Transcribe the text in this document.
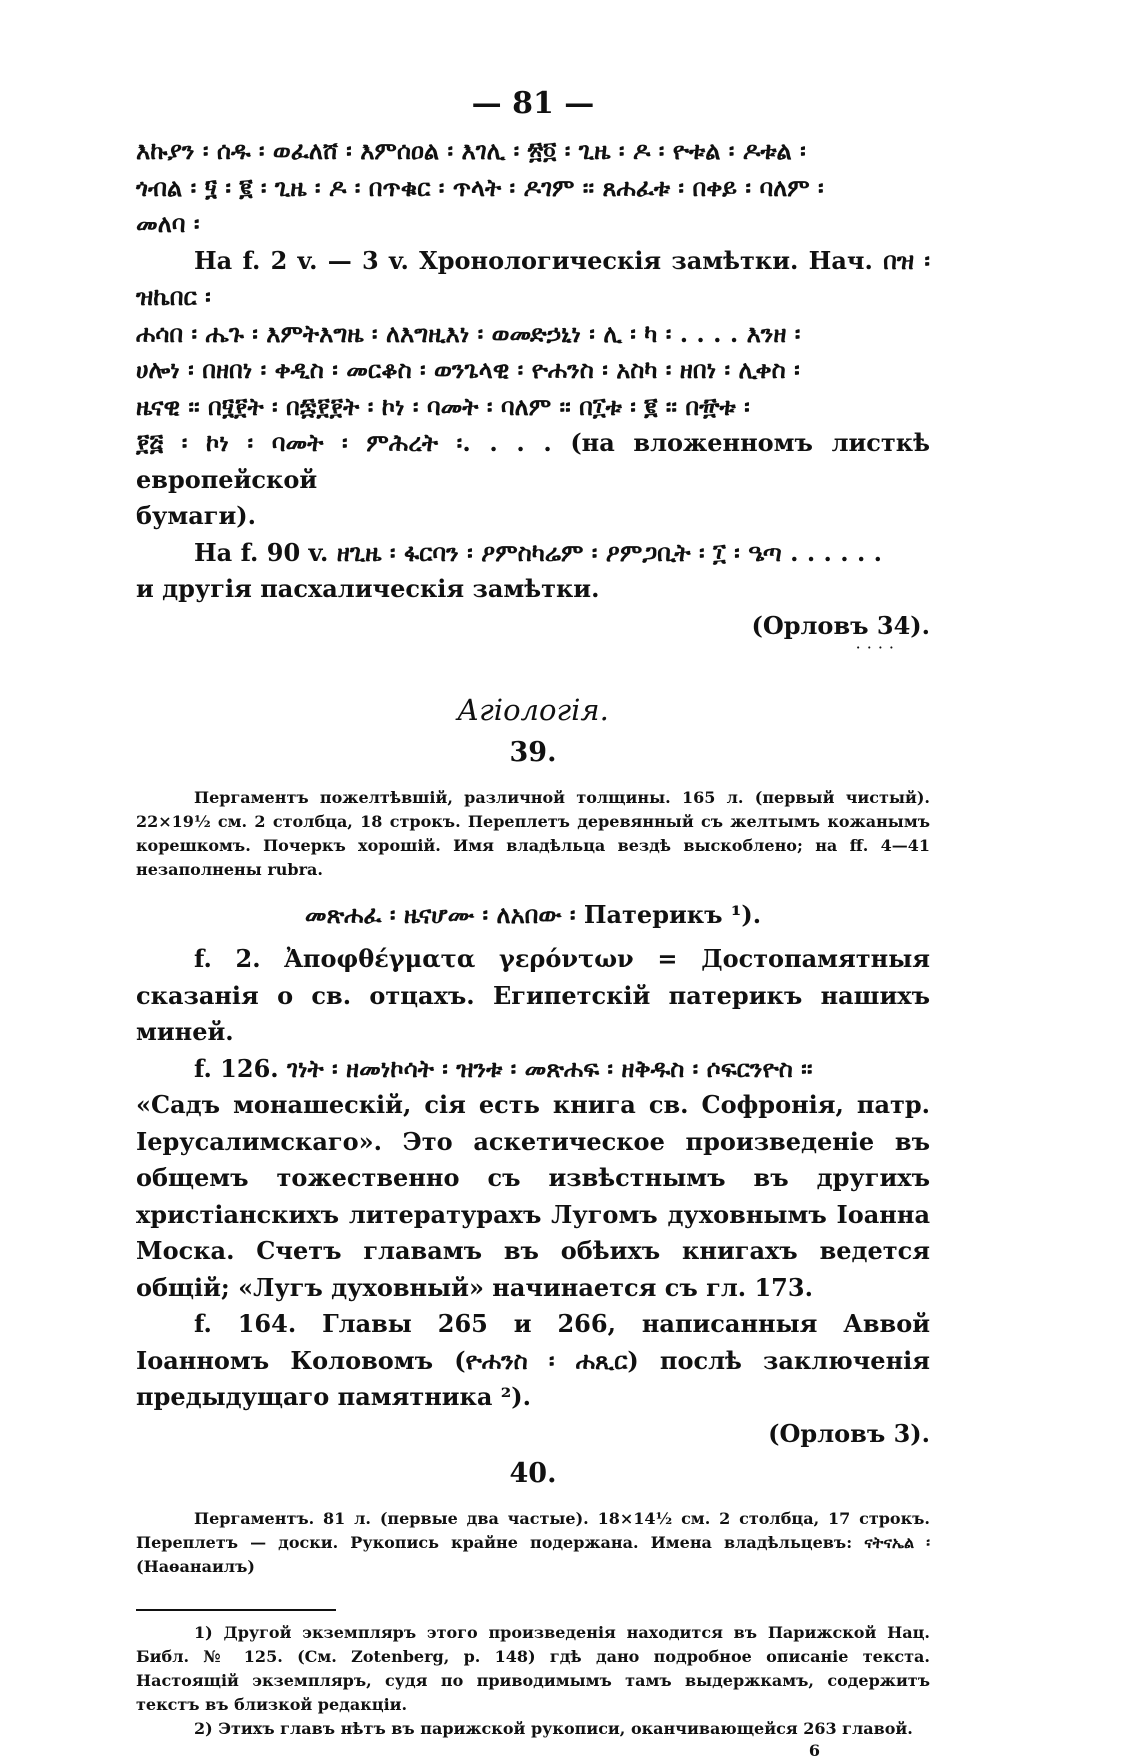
— 81 —
እኩያን ፡ ሰዱ ፡ ወፈለሸ ፡ እምሰዐል ፡ እገሊ ፡ ፳፬ ፡ ጊዜ ፡ ዶ ፡ ዮቱል ፡ ዶቱል ፡
ጎብል ፡ ፶ ፡ ፪ ፡ ጊዜ ፡ ዶ ፡ በጥቁር ፡ ጥላት ፡ ዶገም ፡፡ ጸሐፈቱ ፡ በቀይ ፡ ባለም ፡
መለባ ፡
На f. 2 v. — 3 v. Хронологическія замѣтки. Нач. በዝ ፡ ዝኬበር ፡
ሐሳበ ፡ ሔጉ ፡ እምትእግዜ ፡ ለእግዚእነ ፡ ወመድኃኒነ ፡ ሊ ፡ ካ ፡ . . . . እንዘ ፡
ሀሎነ ፡ በዘበነ ፡ ቀዲስ ፡ መርቆስ ፡ ወንጌላዊ ፡ ዮሐንስ ፡ አስካ ፡ ዘበነ ፡ ሊቀስ ፡
ዜናዊ ፡፡ በ፶፻ት ፡ በ፷፻፻ት ፡ ኮነ ፡ ባመት ፡ ባለም ፡፡ በ፲ቱ ፡ ፪ ፡፡ በ፹ቱ ፡
፻፭ ፡ ኮነ ፡ ባመት ፡ ምሕረት ፡. . . . (на вложенномъ листкѣ европейской
бумаги).
На f. 90 v. ዘጊዜ ፡ ፋርባን ፡ ዖምስካሬም ፡ ዖምጋቢት ፡ ፲ ፡ ዔጣ . . . . . .
и другія пасхалическія замѣтки.
(Орловъ 34).
····
Агіологія.
39.
Пергаментъ пожелтѣвшій, различной толщины. 165 л. (первый чистый). 22×19½ см. 2 столбца, 18 строкъ. Переплетъ деревянный съ желтымъ кожанымъ корешкомъ. Почеркъ хорошій. Имя владѣльца вездѣ выскоблено; на ff. 4—41 незаполнены rubra.
መጽሐፈ ፡ ዜናሆሙ ፡ ለአበው ፡ Патерикъ ¹).
f. 2. Ἀποφθέγματα γερόντων = Достопамятныя сказанія о св. отцахъ. Египетскій патерикъ нашихъ миней.
f. 126. ገነት ፡ ዘመነኮሳት ፡ ዝንቱ ፡ መጽሐፍ ፡ ዘቅዱስ ፡ ሶፍርንዮስ ፡፡
«Садъ монашескій, сія есть книга св. Софронія, патр. Іерусалимскаго». Это аскетическое произведеніе въ общемъ тожественно съ извѣстнымъ въ другихъ христіанскихъ литературахъ Лугомъ духовнымъ Іоанна Моска. Счетъ главамъ въ обѣихъ книгахъ ведется общій; «Лугъ духовный» начинается съ гл. 173.
f. 164. Главы 265 и 266, написанныя Аввой Іоанномъ Коловомъ (ዮሐንስ ፡ ሐጺር) послѣ заключенія предыдущаго памятника ²).
(Орловъ 3).
40.
Пергаментъ. 81 л. (первые два частые). 18×14½ см. 2 столбца, 17 строкъ. Переплетъ — доски. Рукопись крайне подержана. Имена владѣльцевъ: ናትናኤል ፡ (Наѳанаилъ)
1) Другой экземпляръ этого произведенія находится въ Парижской Нац. Библ. № 125. (См. Zotenberg, p. 148) гдѣ дано подробное описаніе текста. Настоящій экземпляръ, судя по приводимымъ тамъ выдержкамъ, содержитъ текстъ въ близкой редакціи.
2) Этихъ главъ нѣтъ въ парижской рукописи, оканчивающейся 263 главой.
6
